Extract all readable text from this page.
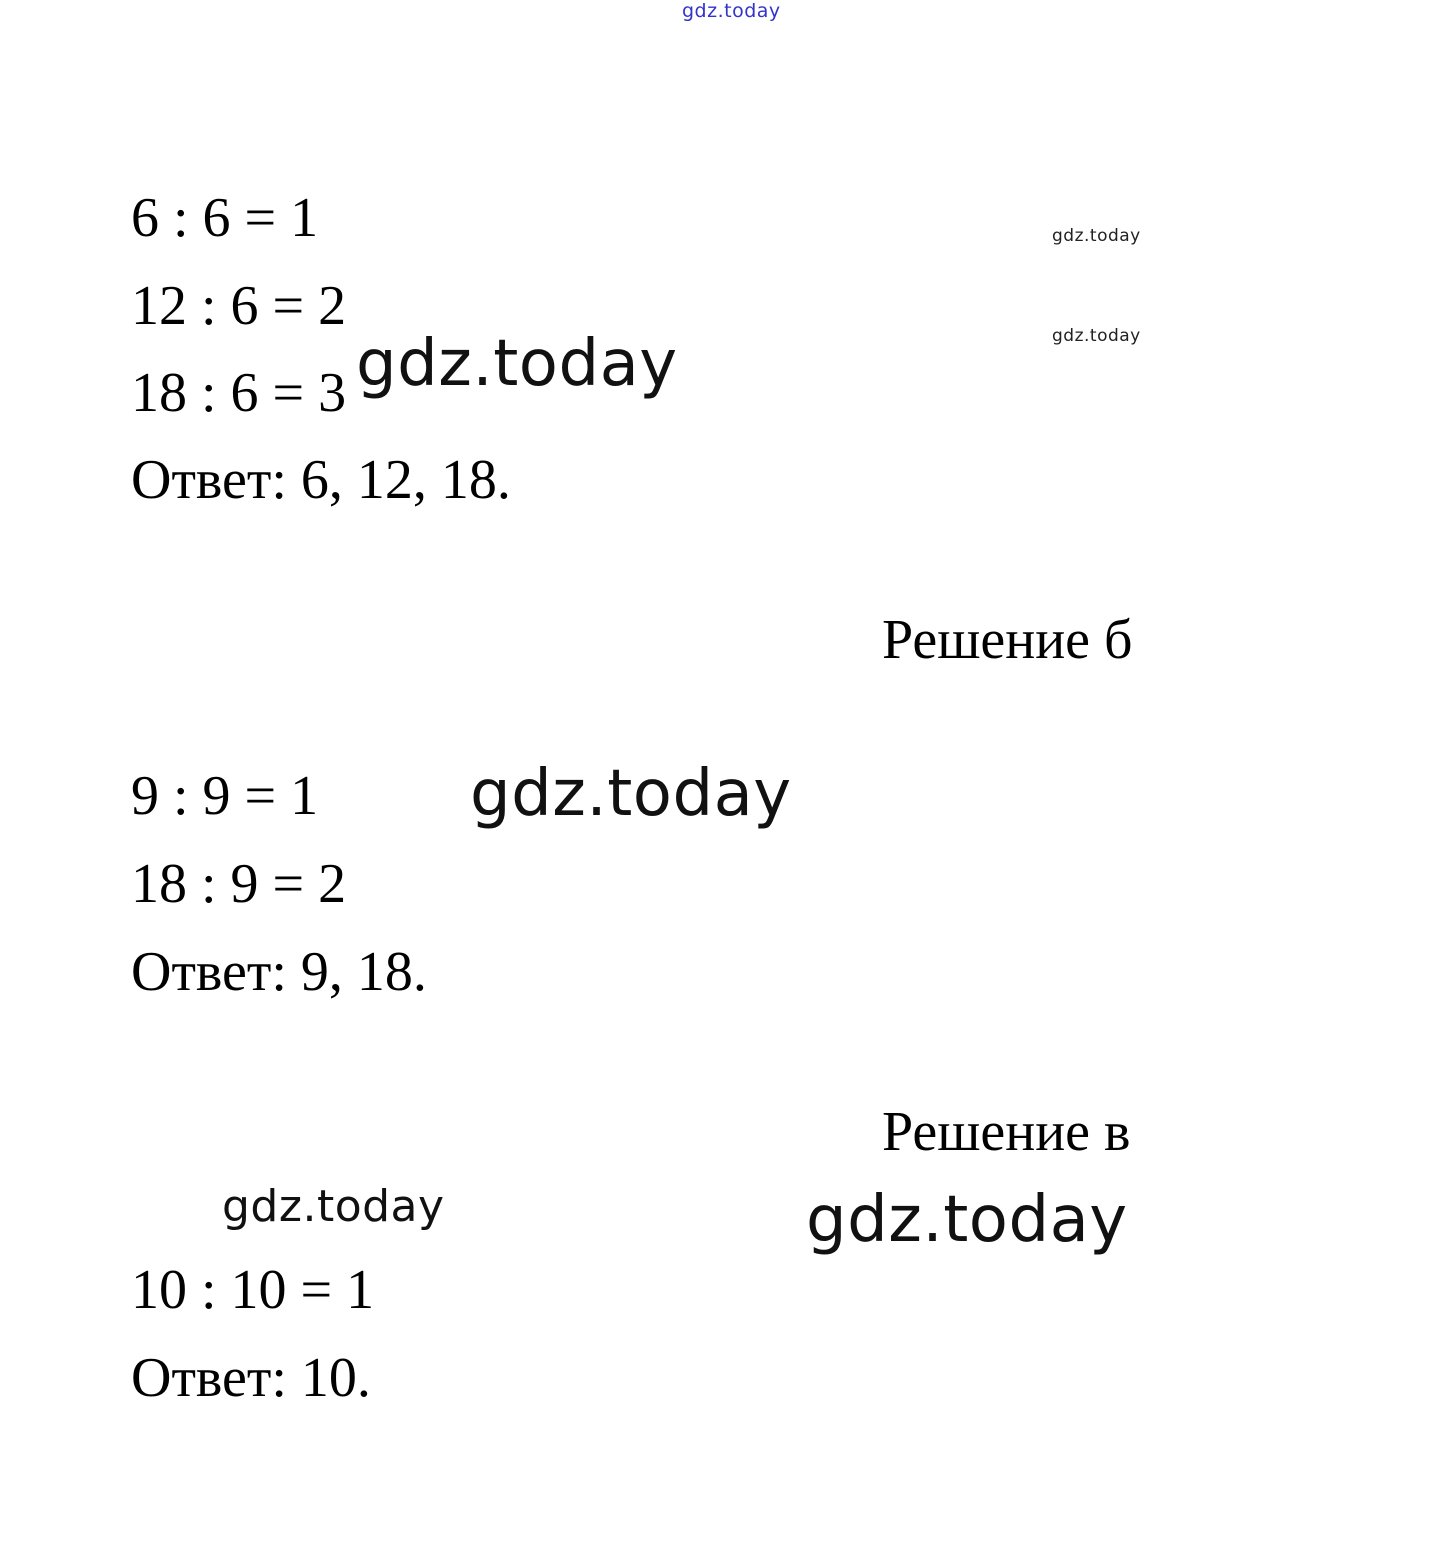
gdz.today
gdz.today
gdz.today
gdz.today
gdz.today
gdz.today	gdz.today
6 : 6 = 1
12 : 6 = 2
18 : 6 = 3
Ответ: 6, 12, 18.
Решение б
9 : 9 = 1
18 : 9 = 2
Ответ: 9, 18.
Решение в
10 : 10 = 1
Ответ: 10.
